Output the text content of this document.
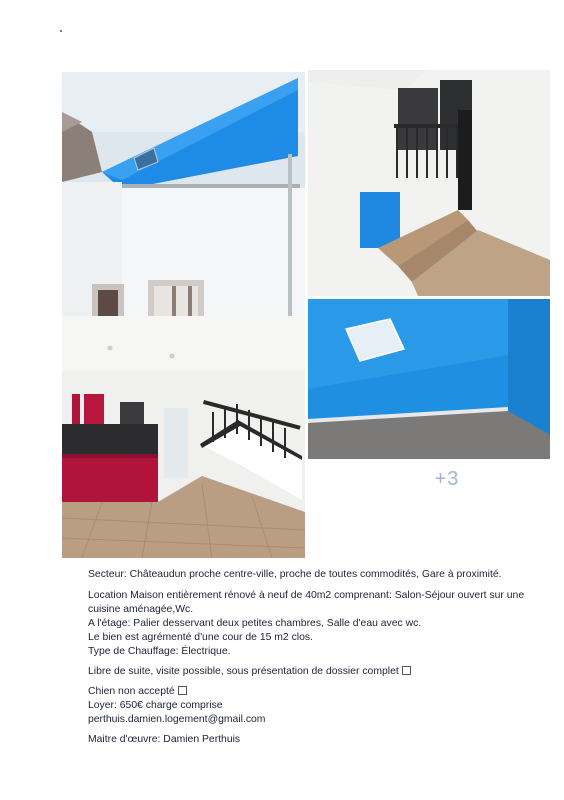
+3

Secteur: Châteaudun proche centre-ville, proche de toutes commodités, Gare à proximité.

Location Maison entièrement rénové à neuf de 40m2 comprenant: Salon-Séjour ouvert sur une

cuisine aménagée,Wc.

A l'étage: Palier desservant deux petites chambres, Salle d'eau avec wc.

Le bien est agrémenté d'une cour de 15 m2 clos.

Type de Chauffage: Électrique.

Libre de suite, visite possible, sous présentation de dossier complet

Chien non accepté

Loyer: 650€ charge comprise

perthuis.damien.logement@gmail.com

Maitre d'œuvre: Damien Perthuis
